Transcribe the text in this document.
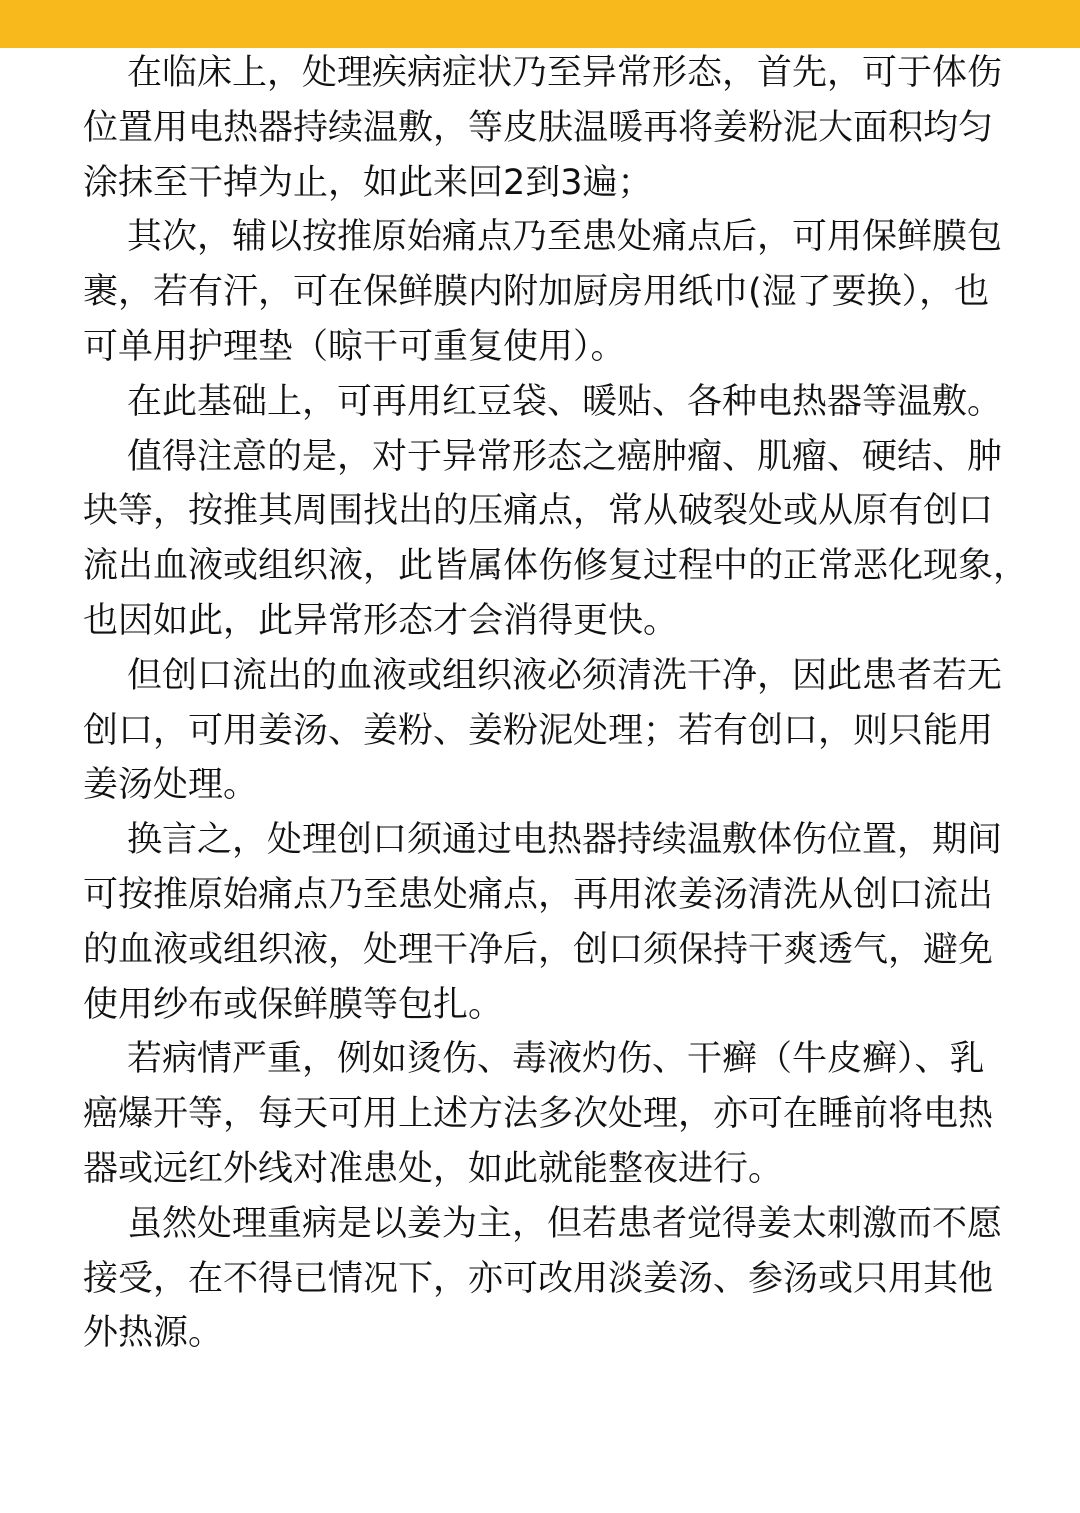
在临床上，处理疾病症状乃至异常形态，首先，可于体伤
位置用电热器持续温敷，等皮肤温暖再将姜粉泥大面积均匀
涂抹至干掉为止，如此来回2到3遍；
其次，辅以按推原始痛点乃至患处痛点后，可用保鲜膜包
裹，若有汗，可在保鲜膜内附加厨房用纸巾(湿了要换），也
可单用护理垫（晾干可重复使用）。
在此基础上，可再用红豆袋、暖贴、各种电热器等温敷。
值得注意的是，对于异常形态之癌肿瘤、肌瘤、硬结、肿
块等，按推其周围找出的压痛点，常从破裂处或从原有创口
流出血液或组织液，此皆属体伤修复过程中的正常恶化现象，
也因如此，此异常形态才会消得更快。
但创口流出的血液或组织液必须清洗干净，因此患者若无
创口，可用姜汤、姜粉、姜粉泥处理；若有创口，则只能用
姜汤处理。
换言之，处理创口须通过电热器持续温敷体伤位置，期间
可按推原始痛点乃至患处痛点，再用浓姜汤清洗从创口流出
的血液或组织液，处理干净后，创口须保持干爽透气，避免
使用纱布或保鲜膜等包扎。
若病情严重，例如烫伤、毒液灼伤、干癣（牛皮癣）、乳
癌爆开等，每天可用上述方法多次处理，亦可在睡前将电热
器或远红外线对准患处，如此就能整夜进行。
虽然处理重病是以姜为主，但若患者觉得姜太刺激而不愿
接受，在不得已情况下，亦可改用淡姜汤、参汤或只用其他
外热源。
